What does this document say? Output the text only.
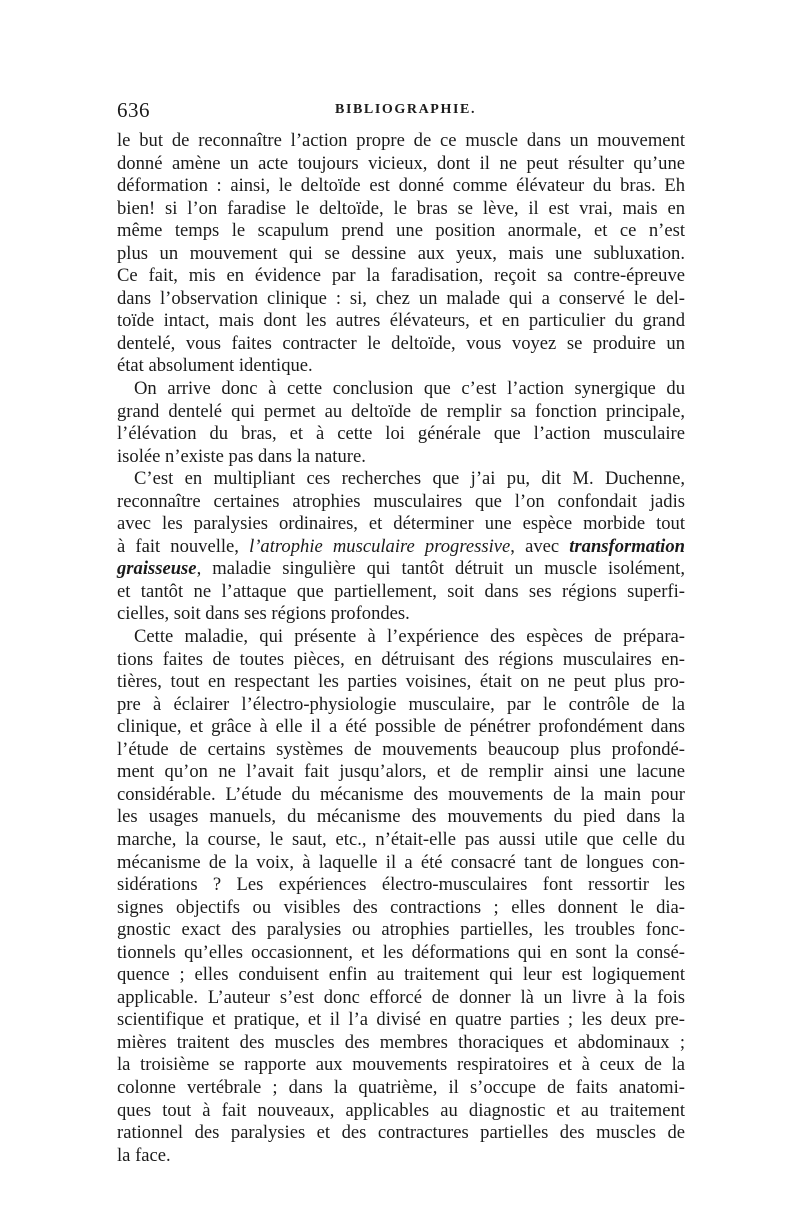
636	BIBLIOGRAPHIE.
le but de reconnaître l’action propre de ce muscle dans un mouvement
donné amène un acte toujours vicieux, dont il ne peut résulter qu’une
déformation : ainsi, le deltoïde est donné comme élévateur du bras. Eh
bien! si l’on faradise le deltoïde, le bras se lève, il est vrai, mais en
même temps le scapulum prend une position anormale, et ce n’est
plus un mouvement qui se dessine aux yeux, mais une subluxation.
Ce fait, mis en évidence par la faradisation, reçoit sa contre-épreuve
dans l’observation clinique : si, chez un malade qui a conservé le del-
toïde intact, mais dont les autres élévateurs, et en particulier du grand
dentelé, vous faites contracter le deltoïde, vous voyez se produire un
état absolument identique.
On arrive donc à cette conclusion que c’est l’action synergique du
grand dentelé qui permet au deltoïde de remplir sa fonction principale,
l’élévation du bras, et à cette loi générale que l’action musculaire
isolée n’existe pas dans la nature.
C’est en multipliant ces recherches que j’ai pu, dit M. Duchenne,
reconnaître certaines atrophies musculaires que l’on confondait jadis
avec les paralysies ordinaires, et déterminer une espèce morbide tout
à fait nouvelle, l’atrophie musculaire progressive, avec transformation
graisseuse, maladie singulière qui tantôt détruit un muscle isolément,
et tantôt ne l’attaque que partiellement, soit dans ses régions superfi-
cielles, soit dans ses régions profondes.
Cette maladie, qui présente à l’expérience des espèces de prépara-
tions faites de toutes pièces, en détruisant des régions musculaires en-
tières, tout en respectant les parties voisines, était on ne peut plus pro-
pre à éclairer l’électro-physiologie musculaire, par le contrôle de la
clinique, et grâce à elle il a été possible de pénétrer profondément dans
l’étude de certains systèmes de mouvements beaucoup plus profondé-
ment qu’on ne l’avait fait jusqu’alors, et de remplir ainsi une lacune
considérable. L’étude du mécanisme des mouvements de la main pour
les usages manuels, du mécanisme des mouvements du pied dans la
marche, la course, le saut, etc., n’était-elle pas aussi utile que celle du
mécanisme de la voix, à laquelle il a été consacré tant de longues con-
sidérations ? Les expériences électro-musculaires font ressortir les
signes objectifs ou visibles des contractions ; elles donnent le dia-
gnostic exact des paralysies ou atrophies partielles, les troubles fonc-
tionnels qu’elles occasionnent, et les déformations qui en sont la consé-
quence ; elles conduisent enfin au traitement qui leur est logiquement
applicable. L’auteur s’est donc efforcé de donner là un livre à la fois
scientifique et pratique, et il l’a divisé en quatre parties ; les deux pre-
mières traitent des muscles des membres thoraciques et abdominaux ;
la troisième se rapporte aux mouvements respiratoires et à ceux de la
colonne vertébrale ; dans la quatrième, il s’occupe de faits anatomi-
ques tout à fait nouveaux, applicables au diagnostic et au traitement
rationnel des paralysies et des contractures partielles des muscles de
la face.
